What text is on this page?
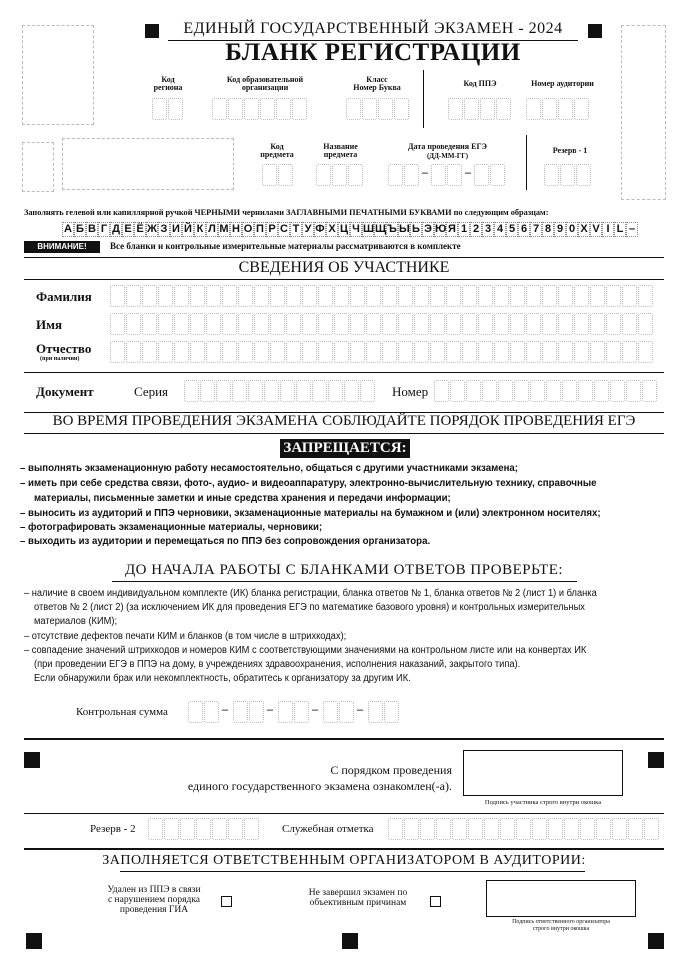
ЕДИНЫЙ ГОСУДАРСТВЕННЫЙ ЭКЗАМЕН - 2024
БЛАНК РЕГИСТРАЦИИ
Код
региона
Код образовательной
организации
Класс
Номер Буква	Код ППЭ	Номер аудитории
Код
предмета
Название
предмета
Дата проведения ЕГЭ
(ДД-ММ-ГГ)
Резерв - 1
–	–
Заполнять гелевой или капиллярной ручкой ЧЕРНЫМИ чернилами ЗАГЛАВНЫМИ ПЕЧАТНЫМИ БУКВАМИ по следующим образцам:
А Б В Г Д Е Ё Ж З И Й К Л М Н О П Р С Т У Ф Х Ц Ч ШЩЪ Ы Ь Э Ю Я 1 2 3 4 5 6 7 8 9 0 X V I L –
ВНИМАНИЕ!	Все бланки и контрольные измерительные материалы рассматриваются в комплекте
СВЕДЕНИЯ ОБ УЧАСТНИКЕ
Фамилия
Имя
Отчество
(при наличии)
Документ	Серия	Номер
ВО ВРЕМЯ ПРОВЕДЕНИЯ ЭКЗАМЕНА СОБЛЮДАЙТЕ ПОРЯДОК ПРОВЕДЕНИЯ ЕГЭ
ЗАПРЕЩАЕТСЯ:
– выполнять экзаменационную работу несамостоятельно, общаться с другими участниками экзамена;
– иметь при себе средства связи, фото-, аудио- и видеоаппаратуру, электронно-вычислительную технику, справочные
материалы, письменные заметки и иные средства хранения и передачи информации;
– выносить из аудиторий и ППЭ черновики, экзаменационные материалы на бумажном и (или) электронном носителях;
– фотографировать экзаменационные материалы, черновики;
– выходить из аудитории и перемещаться по ППЭ без сопровождения организатора.
ДО НАЧАЛА РАБОТЫ С БЛАНКАМИ ОТВЕТОВ ПРОВЕРЬТЕ:
– наличие в своем индивидуальном комплекте (ИК) бланка регистрации, бланка ответов № 1, бланка ответов № 2 (лист 1) и бланка
ответов № 2 (лист 2) (за исключением ИК для проведения ЕГЭ по математике базового уровня) и контрольных измерительных
материалов (КИМ);
– отсутствие дефектов печати КИМ и бланков (в том числе в штрихкодах);
– совпадение значений штрихкодов и номеров КИМ с соответствующими значениями на контрольном листе или на конвертах ИК
(при проведении ЕГЭ в ППЭ на дому, в учреждениях здравоохранения, исполнения наказаний, закрытого типа).
Если обнаружили брак или некомплектность, обратитесь к организатору за другим ИК.
Контрольная сумма	–	–	–	–
С порядком проведения
единого государственного экзамена ознакомлен(-а).
Подпись участника строго внутри окошка
Резерв - 2	Служебная отметка
ЗАПОЛНЯЕТСЯ ОТВЕТСТВЕННЫМ ОРГАНИЗАТОРОМ В АУДИТОРИИ:
Удален из ППЭ в связи
с нарушением порядка
проведения ГИА
Не завершил экзамен по
объективным причинам
Подпись ответственного организатора
строго внутри окошка
